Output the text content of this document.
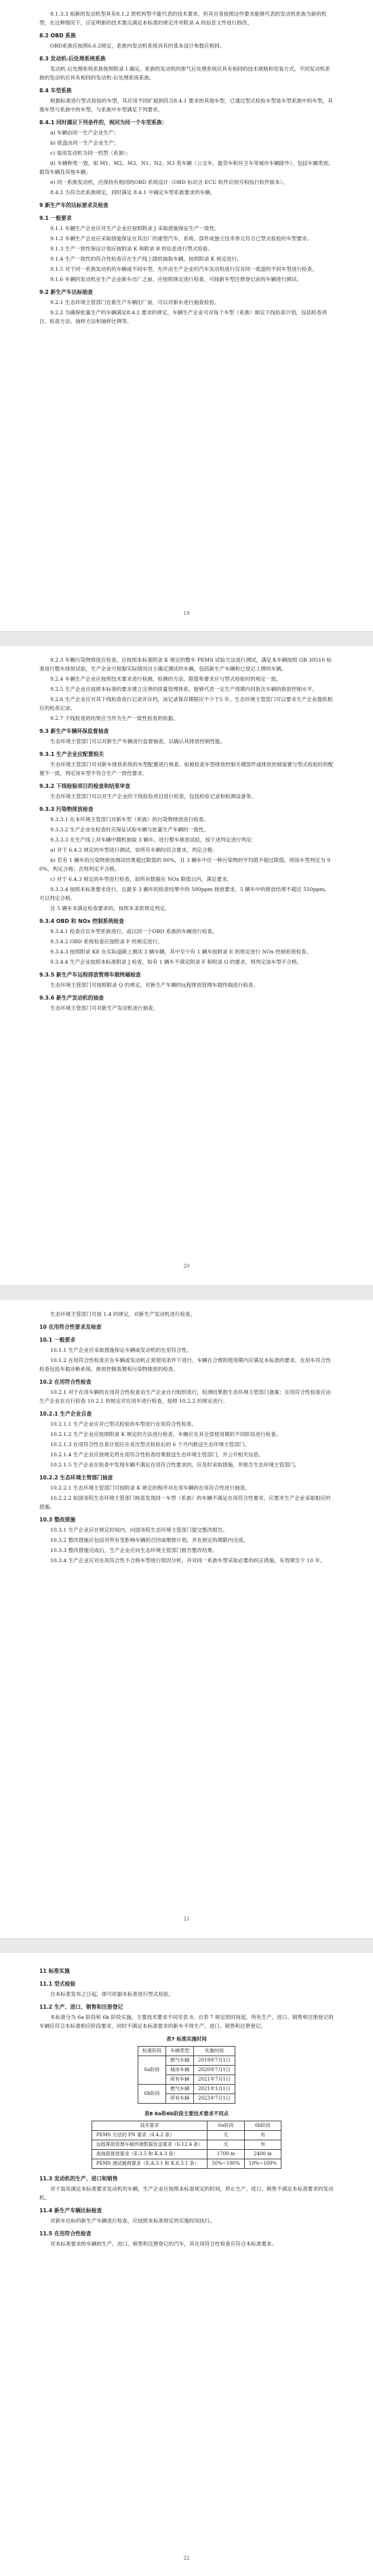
8.1.3.3 如新的发动机型具有8.1.2 款机构型不能代表的技术要求，但其自身按照这些要求能够代表的发动机系族为新的机型，在这种情况下，应证明新的技术要点满足本标准的规定并对附录 A 的信息文件进行修改。
8.2 OBD 系族
OBD系族应按照6.6.2规定，系族内发动机系统具有的基本设计参数应相同。
8.3 发动机-后处理系统系族
发动机-后处理系统系族按照附录 I 确定。系族的发动机的排气后处理系统应具有相同的技术规格和安装方式，不同发动机系族的发动机应具有相同的发动机-后处理系统系族。
8.4 车型系族
根据标准进行型式检验的车型，其应用不同扩展到符合8.4.1 要求的其他车型，已通过型式检验车型是车型系族中的车型，其他车型与系族中的车型，与系族中车型满足下列要求。
8.4.1 同时满足下列条件的，视同为同一个车型系族：
a) 车辆由同一生产企业生产；
b) 底盘由同一生产企业生产；
c) 装用发动机为同一机型（系族）；
d) 车辆种类一致，如 M1、M2、M3、N1、N2、N3 类车辆（公交车、载货车和环卫车等城市车辆除外），包括车辆类别、载货车辆及其他车辆；
e) 同一系族发动机，应保持有相同的OBD 系统设计（OBD 标识含 ECU 软件识别号和执行软件版本）。
8.4.2 为符合此系族规定，同时满足 8.4.1 中确定车型系族要求的车辆。
9 新生产车的达标要求及检查
9.1 一般要求
9.1.1 车辆生产企业应对生产企业应按照附录 J 采取措施保证生产一致性。
9.1.2 车辆生产企业应采取措施保证在其出厂的重型汽车、系统、部件或独立技术单元符合已型式检验的车型要求。
9.1.3 生产一致性保证计划应按附录 K 和附录 B 的信息进行型式检验。
9.1.4 生产一致性的符合性检查应在生产线上随机抽取车辆，按照附录 K 规定进行。
9.1.5 对于同一系族发动机的车辆或不同车型，允许由生产企业的汽车发动机进行仅对同一底盘的不同车型进行检查。
9.1.6 车辆的发动机在生产企业新车出厂之前，应按照规定进行检查，可按新车型注册登记前的车辆进行测试。
9.2 新生产车达标抽查
9.2.1 生态环境主管部门在新生产车辆出厂前，可以对新车进行抽查检验。
9.2.2 为确保批量生产的车辆满足8.4.2 要求的规定，车辆生产企业可对每个车型（系族）制定下线检查计划，包括检查项目、检查方法、抽样方法和抽样比例等。
19
9.2.3 车辆污染物排放应检查，应按照本标准附录 K 规定的整车 PEMS 试验方法进行测试，满足本车辆按照 GB 30510 标准进行整车排放试验，生产企业可根据实际情况自主确定测试的车辆，包括新生产车辆和已登记上牌的车辆。
9.2.4 车辆生产企业应按照技术要求进行检测，检测的方法、限值和要求应与型式检验时的规定一致。
9.2.5 生产企业应按照本标准的要求建立完善的质量管理体系，能够代表一定生产周期内同批次车辆的排放控制水平。
9.2.6 生产企业应对其下线检查进行记录并存档，该记录保存期限应不少于5 年。生态环境主管部门可以要求生产企业提供相应的检查记录。
9.2.7 下线检查的结果应当作为生产一致性检查的依据。
9.3 新生产车辆环保监督抽查
生态环境主管部门可以对新生产车辆进行监督抽查，以确认其排放控制性能。
9.3.1 生产企业应配置相关
生态环境主管部门可对新车排放系统的车型配置进行核查。如被检查车型排放控制关键部件或排放控制装置与型式检验时的配置不一致，判定该车型不符合生产一致性要求。
9.3.2 下线检验项目的检查和结果审查
生态环境主管部门可以对生产企业的下线检验项目进行检查，包括检验记录和检测设备等。
9.3.3 污染物排放检查
9.3.3.1 在本环境主管部门对新车型（系族）的污染物排放进行检查。
9.3.3.2 生产企业在检查时应保证试验车辆与批量生产车辆的一致性。
9.3.3.3 在生产线上对车辆中随机抽取 3 辆车，进行整车排放试验，按下述判定进行判定：
a) 对于 6.4.2 规定的车型进行测试，如所有车辆均符合要求，判定合格；
b) 若有 1 辆车的污染物排放测试结果超过限值的 80%，且 3 辆车中任一种污染物的平均值不超过限值，则该车型判定为 90%，判定合格；否则判定不合格。
c) 对于 6.4.3 规定的车型进行检查，如所有数据在 NOx 限值以内，满足要求。
9.3.3.4 按照本标准要求进行，且最多 3 辆车的检查结果中的 500ppm 排放要求，5 辆车中的排放结果不超过 550ppm，可以判定合格。
注 5 辆车未满足检查要求的，按照本条款规定判定。
9.3.4 OBD 和 NOx 控制系统检查
9.3.4.1 检查应以车型系族进行，或以同一个OBD 系族的车辆进行检查。
9.3.4.2 OBD 系统检查应按附录 F 的规定进行。
9.3.4.3 按照附录 KE 在实际道路上测试 3 辆车辆，其中至少有 1 辆车按附录 E 的规定进行 NOx 控制系统检查。
9.3.4.4 生产企业按照本标准附录 J 检查，如有 1 辆车不满足附录 F 和附录 G 的要求，则判定该车型不合格。
9.3.5 新生产车远程排放管理车载终端检查
生态环境主管部门可按照附录 Q 的规定，对新生产车辆的远程排放管理车载终端进行检查。
9.3.6 新生产发动机的抽查
生态环境主管部门可对新生产发动机进行抽查。
20
生态环境主管部门可按 1.4 的规定，对新生产发动机进行检查。
10 在用符合性要求及检查
10.1 一般要求
10.1.1 生产企业应采取措施保证车辆或发动机的在用符合性。
10.1.2 在用符合性检查应在车辆或发动机正常使用条件下进行。车辆在合理的使用期内应满足本标准的要求。在用车符合性检查包括车载诊断系统、排放控制装置和污染物排放的检查。
10.2 在用符合性检查
10.2.1 对于在用车辆的在用符合性检查由生产企业自行组织进行，检测结果报生态环境主管部门备案；在用符合性检查应由生产企业在自行检查 10.2.1 的规定对在用车进行检查，按照 10.2.2 的规定进行。
10.2.1 生产企业自查
10.2.1.1 生产企业应对已型式检验的车型进行在用符合性检查。
10.2.1.2 生产企业应按照附录 K 规定的方法进行检查，车辆应在其全部使用期的不同阶段进行检查。
10.2.1.3 在用符合性自查计划应在首次型式检验后的 6 个月内报送生态环境主管部门。
10.2.1.4 生产企业应按规定将在用符合性检查结果报送生态环境主管部门，并公开相关信息。
10.2.1.5 生产企业在检查中发现车辆不满足在用符合性要求的，应及时采取措施，并报告生态环境主管部门。
10.2.2 生态环境主管部门抽查
10.2.2.1 生态环境主管部门可按附录 K 规定的程序对在用车辆的在用符合性进行抽查。
10.2.2.2 如国务院生态环境主管部门核查发现同一车型（系族）的车辆不满足在用符合性要求，应要求生产企业采取相应的措施。
10.3 整改措施
10.3.1 生产企业应在规定时间内，向国务院生态环境主管部门提交整改报告。
10.3.2 整改措施应包括对所有受影响车辆的召回或维修计划，并在规定的期限内完成。
10.3.3 整改措施完成后，生产企业应向生态环境主管部门报告整改结果。
10.3.4 生产企业应对在用符合性不合格车型进行原因分析，并对同一系族车型采取必要的纠正措施，有效期至少 10 年。
21
11 标准实施
11.1 型式检验
自本标准发布之日起，即可依据本标准进行型式检验。
11.2 生产、进口、销售和注册登记
本标准分为 6a 阶段和 6b 阶段实施，主要技术要求不同见表 8。自表 7 规定的时间起，所有生产、进口、销售和注册登记的车辆应符合本标准相应阶段要求，同时不满足本标准要求的新车不得生产、进口、销售和注册登记。
表7 标准实施时间
标准阶段	车辆类型	实施时间
6a阶段	燃气车辆	2019年7月1日
	城市车辆	2020年7月1日
	所有车辆	2021年7月1日
6b阶段	燃气车辆	2021年1月1日
	所有车辆	2023年7月1日
表8 6a和6b阶段主要技术要求不同点
技术要求	6a阶段	6b阶段
PEMS 方法的 PN 要求（6.4.2 条）	无	有
远程排放管理车载终端数据发送要求（6.12.4 条）	无	有
高海拔排放要求（E.3.5 和 K.4.3 条）	1700 m	2400 m
PEMS 测试载荷要求（E.A.3.1 和 K.8.3.1 条）	50%~100%	10%~100%
11.3 发动机的生产、进口和销售
对于装用满足本标准要求发动机的车辆，生产企业应按照本标准规定的时间，停止生产、进口、销售不满足本标准要求的发动机。
11.4 新生产车辆达标检查
对新车达标的新生产车辆进行检查，应按照本标准规定的实施时间执行。
11.5 在用符合性检查
对本标准要求的车辆的生产、进口、销售和注册登记的汽车，其在用符合性检查应符合本标准要求。
22
